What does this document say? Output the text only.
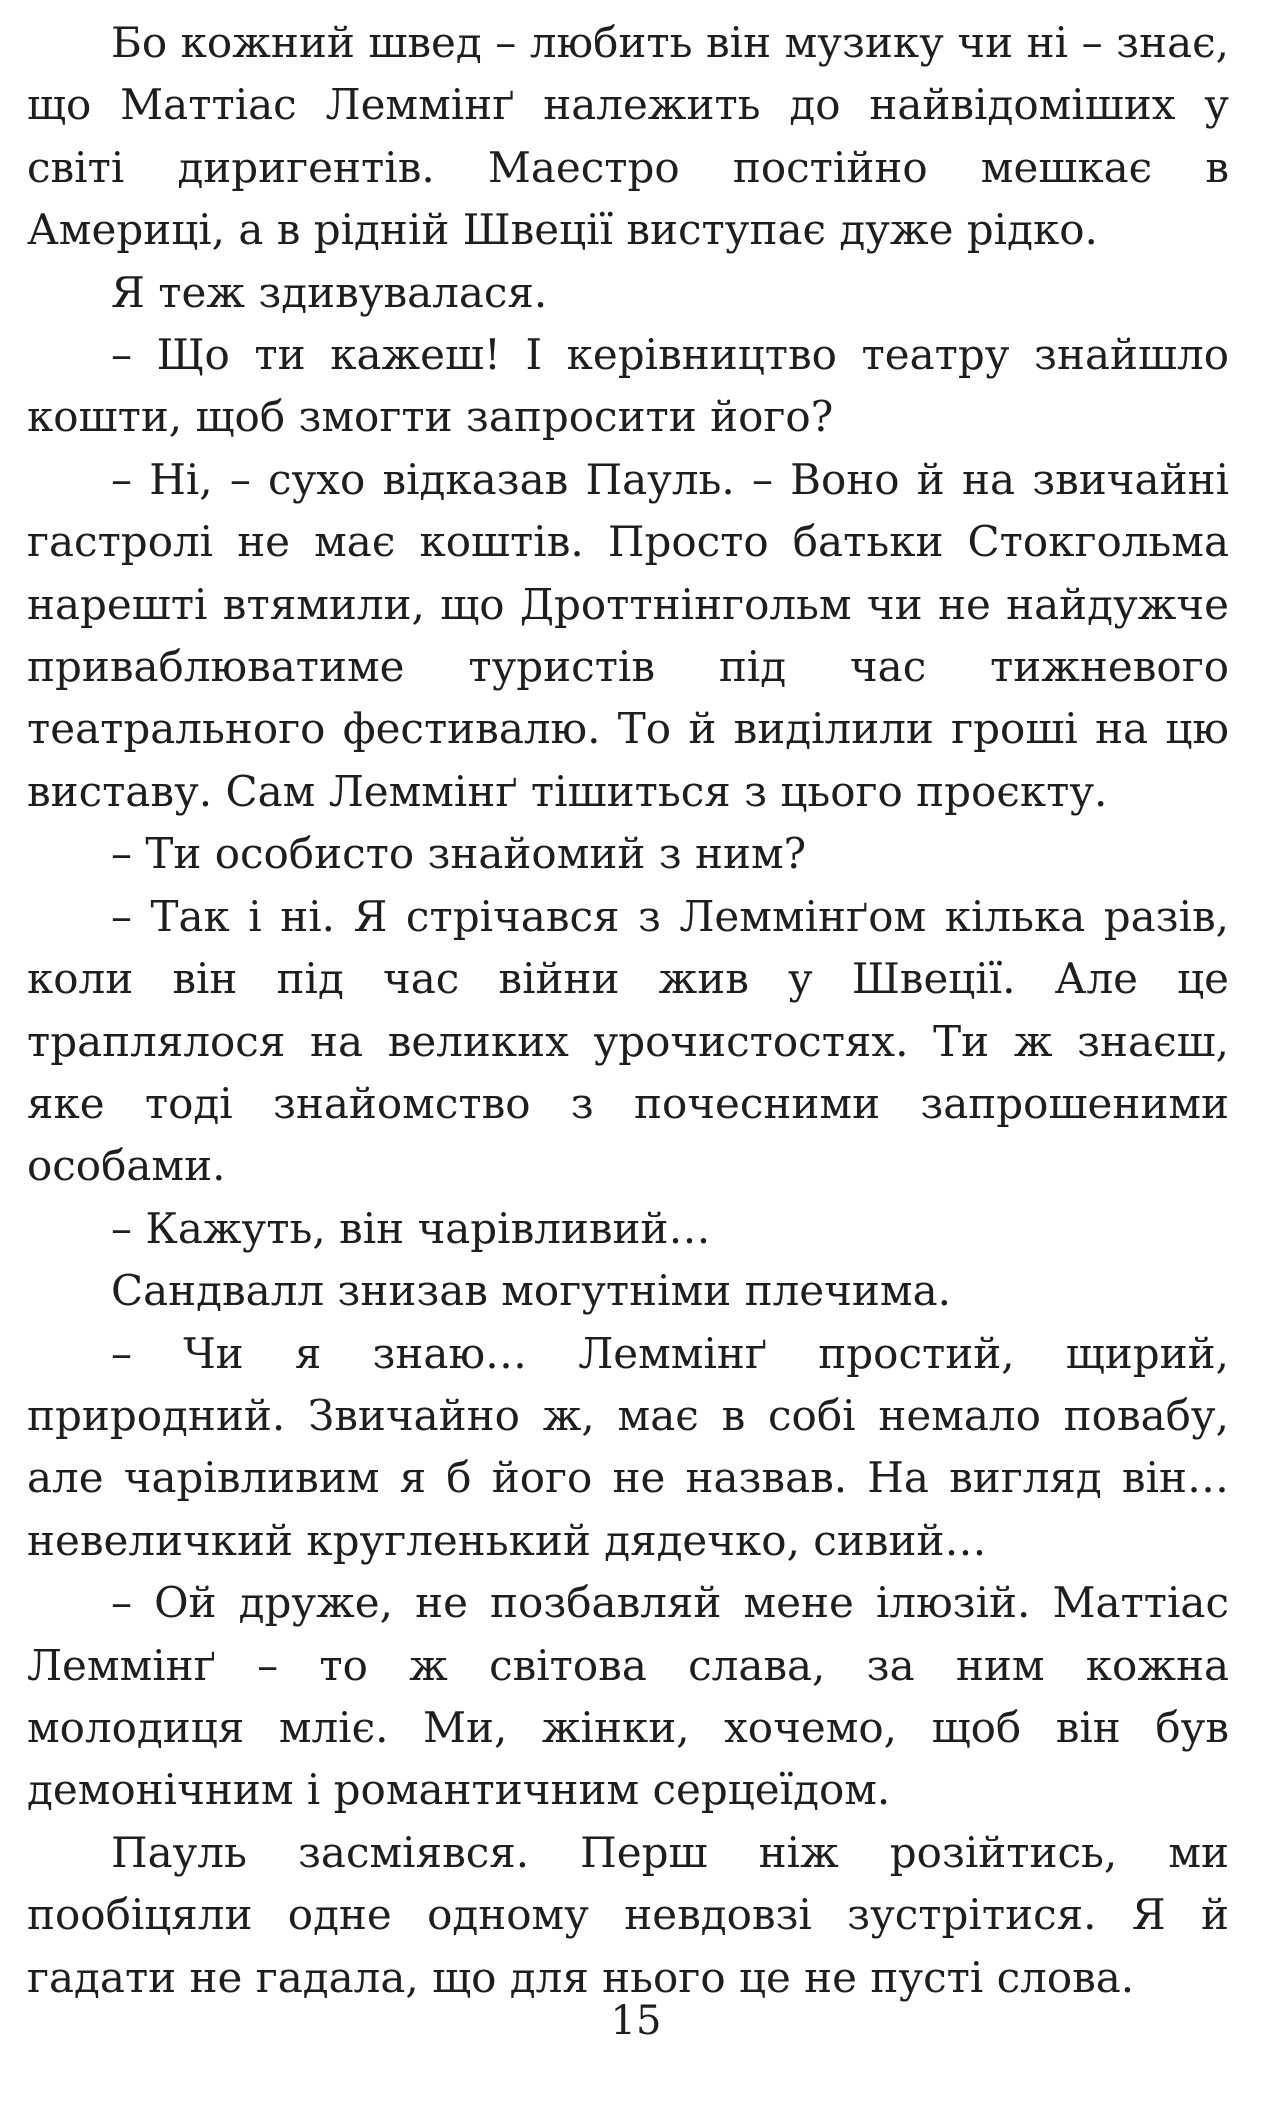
Бо кожний швед – любить він музику чи ні – знає, що Маттіас Леммінґ належить до найвідоміших у світі диригентів. Маестро постійно мешкає в Америці, а в рідній Швеції виступає дуже рідко.

Я теж здивувалася.

– Що ти кажеш! І керівництво театру знайшло кошти, щоб змогти запросити його?

– Ні, – сухо відказав Пауль. – Воно й на звичайні гастролі не має коштів. Просто батьки Стокгольма нарешті втямили, що Дроттнінгольм чи не найдужче приваблюватиме туристів під час тижневого театрального фестивалю. То й виділили гроші на цю виставу. Сам Леммінґ тішиться з цього проєкту.

– Ти особисто знайомий з ним?

– Так і ні. Я стрічався з Леммінґом кілька разів, коли він під час війни жив у Швеції. Але це траплялося на великих урочистостях. Ти ж знаєш, яке тоді знайомство з почесними запрошеними особами.

– Кажуть, він чарівливий…

Сандвалл знизав могутніми плечима.

– Чи я знаю… Леммінґ простий, щирий, природний. Звичайно ж, має в собі немало повабу, але чарівливим я б його не назвав. На вигляд він… невеличкий кругленький дядечко, сивий…

– Ой друже, не позбавляй мене ілюзій. Маттіас Леммінґ – то ж світова слава, за ним кожна молодиця мліє. Ми, жінки, хочемо, щоб він був демонічним і романтичним серцеїдом.

Пауль засміявся. Перш ніж розійтись, ми пообіцяли одне одному невдовзі зустрітися. Я й гадати не гадала, що для нього це не пусті слова.

15
